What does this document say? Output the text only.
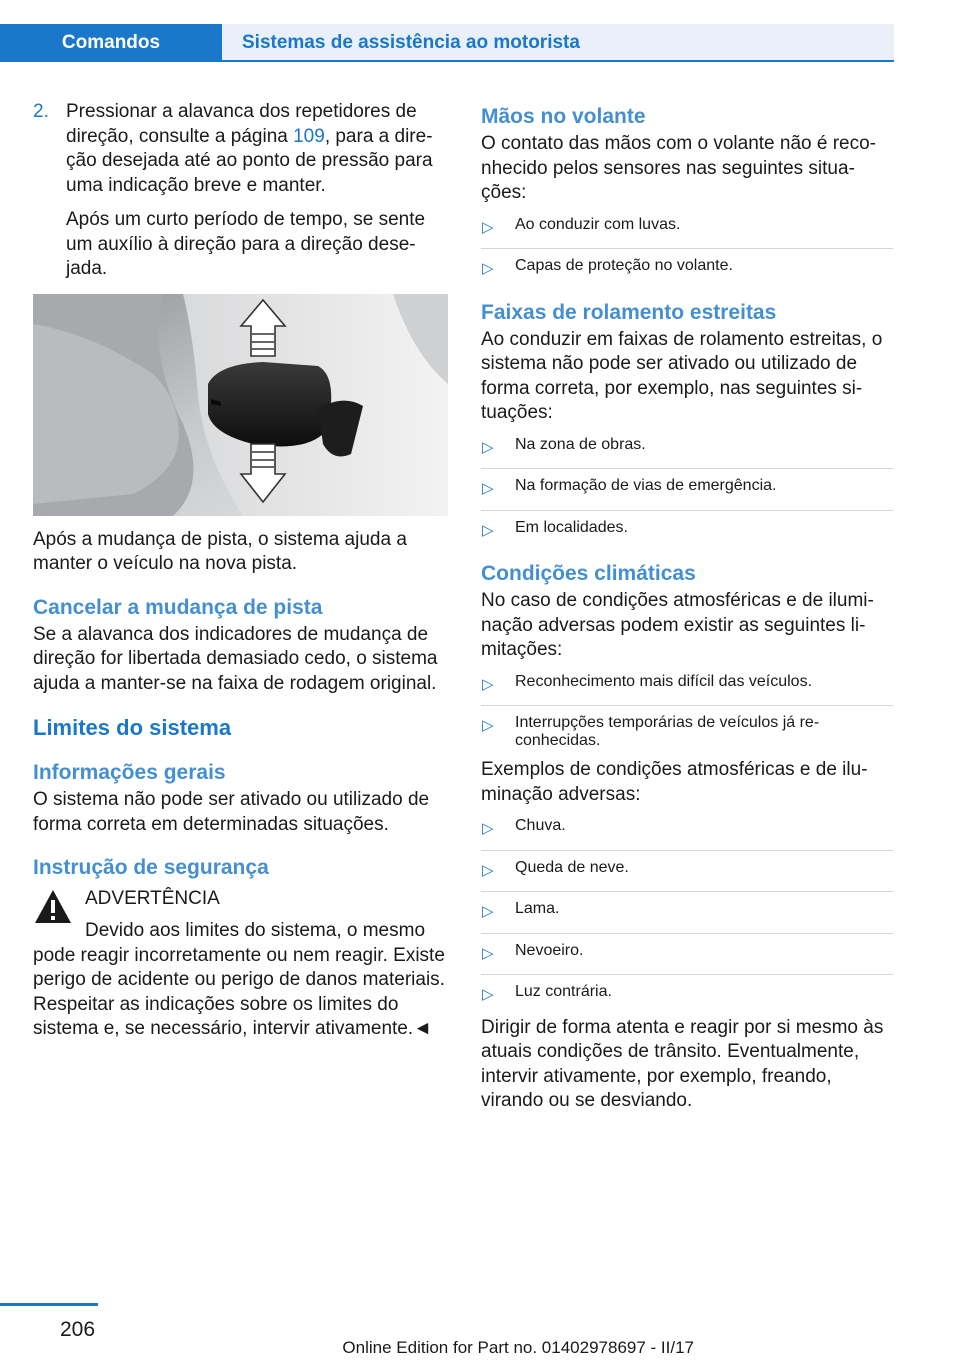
Comandos	Sistemas de assistência ao motorista
2. Pressionar a alavanca dos repetidores de direção, consulte a página 109, para a direção desejada até ao ponto de pressão para uma indicação breve e manter.

Após um curto período de tempo, se sente um auxílio à direção para a direção desejada.

Após a mudança de pista, o sistema ajuda a manter o veículo na nova pista.

Cancelar a mudança de pista

Se a alavanca dos indicadores de mudança de direção for libertada demasiado cedo, o sistema ajuda a manter-se na faixa de rodagem original.

Limites do sistema
Informações gerais

O sistema não pode ser ativado ou utilizado de forma correta em determinadas situações.

Instrução de segurança

ADVERTÊNCIA

Devido aos limites do sistema, o mesmo pode reagir incorretamente ou nem reagir. Existe perigo de acidente ou perigo de danos materiais. Respeitar as indicações sobre os limites do sistema e, se necessário, intervir ativamente.◄

Mãos no volante

O contato das mãos com o volante não é reconhecido pelos sensores nas seguintes situações:

▷	Ao conduzir com luvas.
▷	Capas de proteção no volante.
Faixas de rolamento estreitas

Ao conduzir em faixas de rolamento estreitas, o sistema não pode ser ativado ou utilizado de forma correta, por exemplo, nas seguintes situações:

▷	Na zona de obras.
▷	Na formação de vias de emergência.
▷	Em localidades.
Condições climáticas

No caso de condições atmosféricas e de iluminação adversas podem existir as seguintes limitações:

▷	Reconhecimento mais difícil das veículos.
▷	Interrupções temporárias de veículos já reconhecidas.

Exemplos de condições atmosféricas e de iluminação adversas:

▷	Chuva.
▷	Queda de neve.
▷	Lama.
▷	Nevoeiro.
▷	Luz contrária.

Dirigir de forma atenta e reagir por si mesmo às atuais condições de trânsito. Eventualmente, intervir ativamente, por exemplo, freando, virando ou se desviando.

206
Online Edition for Part no. 01402978697 - II/17
